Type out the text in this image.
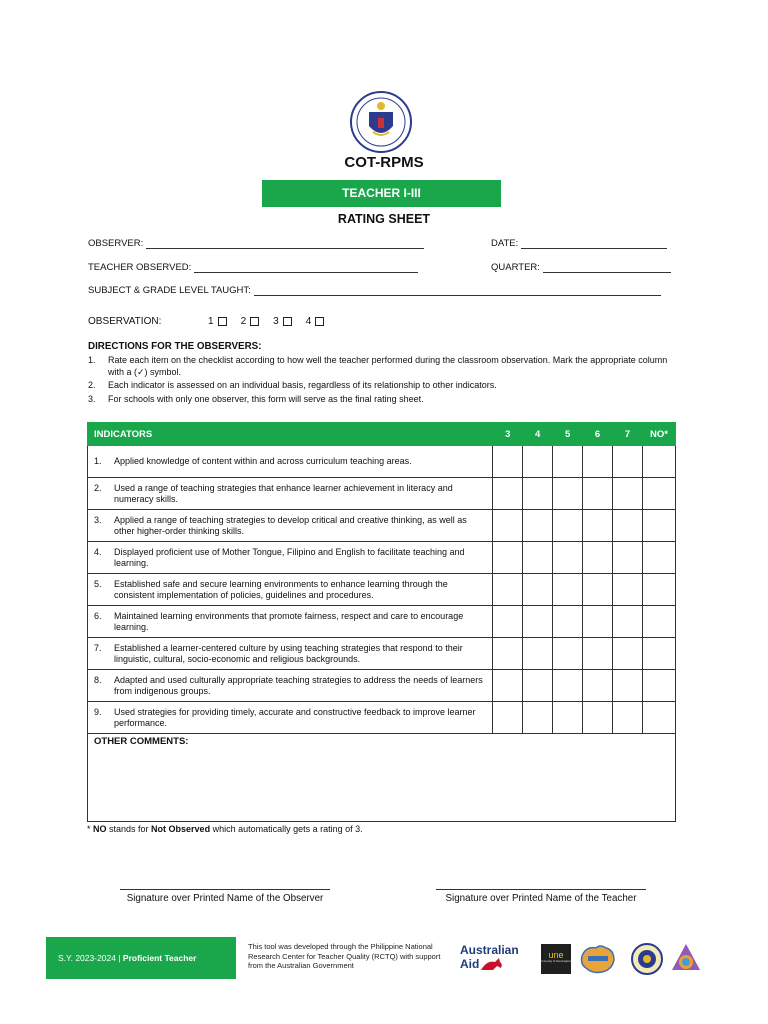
COT-RPMS
TEACHER I-III
RATING SHEET
OBSERVER:	DATE:
TEACHER OBSERVED:	QUARTER:
SUBJECT & GRADE LEVEL TAUGHT:
OBSERVATION:	1	2	3	4
DIRECTIONS FOR THE OBSERVERS:
1.	Rate each item on the checklist according to how well the teacher performed during the classroom observation. Mark the appropriate column with a (✓) symbol.
2.	Each indicator is assessed on an individual basis, regardless of its relationship to other indicators.
3.	For schools with only one observer, this form will serve as the final rating sheet.
INDICATORS	3	4	5	6	7	NO*

1. Applied knowledge of content within and across curriculum teaching areas.						

2. Used a range of teaching strategies that enhance learner achievement in literacy and numeracy skills.						

3. Applied a range of teaching strategies to develop critical and creative thinking, as well as other higher-order thinking skills.						

4. Displayed proficient use of Mother Tongue, Filipino and English to facilitate teaching and learning.						

5. Established safe and secure learning environments to enhance learning through the consistent implementation of policies, guidelines and procedures.						

6. Maintained learning environments that promote fairness, respect and care to encourage learning.						

7. Established a learner-centered culture by using teaching strategies that respond to their linguistic, cultural, socio-economic and religious backgrounds.						

8. Adapted and used culturally appropriate teaching strategies to address the needs of learners from indigenous groups.						

9. Used strategies for providing timely, accurate and constructive feedback to improve learner performance.						

OTHER COMMENTS:						
* NO stands for Not Observed which automatically gets a rating of 3.
Signature over Printed Name of the Observer	Signature over Printed Name of the Teacher
S.Y. 2023-2024 | Proficient Teacher
This tool was developed through the Philippine National Research Center for Teacher Quality (RCTQ) with support from the Australian Government
Australian
Aid
une
University of New England
